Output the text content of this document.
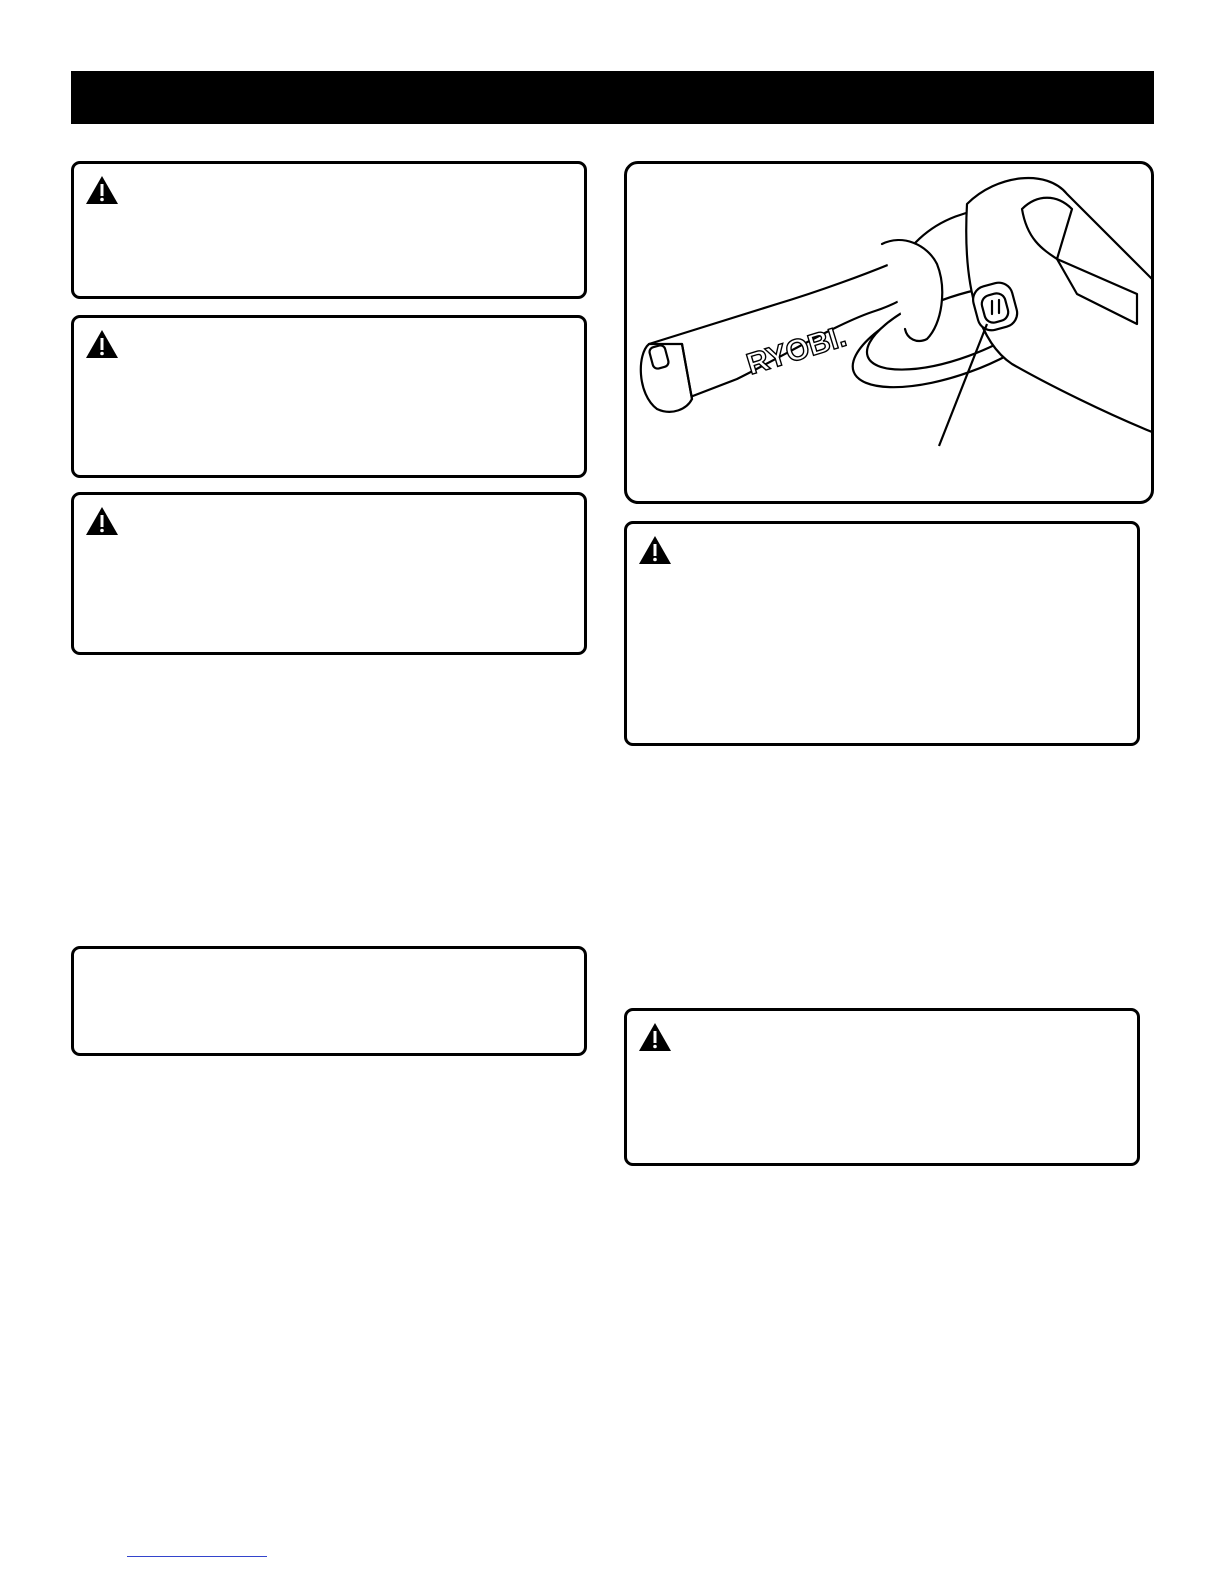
RYOBI.
